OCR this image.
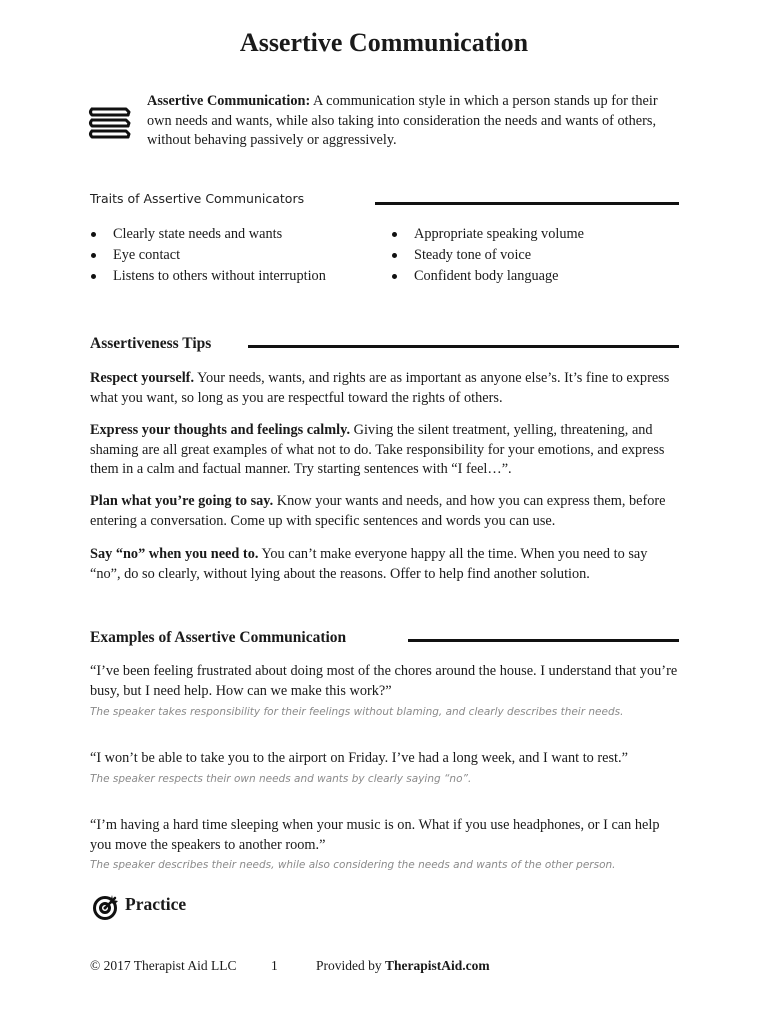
Assertive Communication
Assertive Communication: A communication style in which a person stands up for their own needs and wants, while also taking into consideration the needs and wants of others, without behaving passively or aggressively.
Traits of Assertive Communicators
Clearly state needs and wants
Eye contact
Listens to others without interruption
Appropriate speaking volume
Steady tone of voice
Confident body language
Assertiveness Tips
Respect yourself. Your needs, wants, and rights are as important as anyone else’s. It’s fine to express what you want, so long as you are respectful toward the rights of others.
Express your thoughts and feelings calmly. Giving the silent treatment, yelling, threatening, and shaming are all great examples of what not to do. Take responsibility for your emotions, and express them in a calm and factual manner. Try starting sentences with “I feel…”.
Plan what you’re going to say. Know your wants and needs, and how you can express them, before entering a conversation. Come up with specific sentences and words you can use.
Say “no” when you need to. You can’t make everyone happy all the time. When you need to say “no”, do so clearly, without lying about the reasons. Offer to help find another solution.
Examples of Assertive Communication
“I’ve been feeling frustrated about doing most of the chores around the house. I understand that you’re busy, but I need help. How can we make this work?”
The speaker takes responsibility for their feelings without blaming, and clearly describes their needs.
“I won’t be able to take you to the airport on Friday. I’ve had a long week, and I want to rest.”
The speaker respects their own needs and wants by clearly saying “no”.
“I’m having a hard time sleeping when your music is on. What if you use headphones, or I can help you move the speakers to another room.”
The speaker describes their needs, while also considering the needs and wants of the other person.
Practice
© 2017 Therapist Aid LLC	1	Provided by TherapistAid.com
